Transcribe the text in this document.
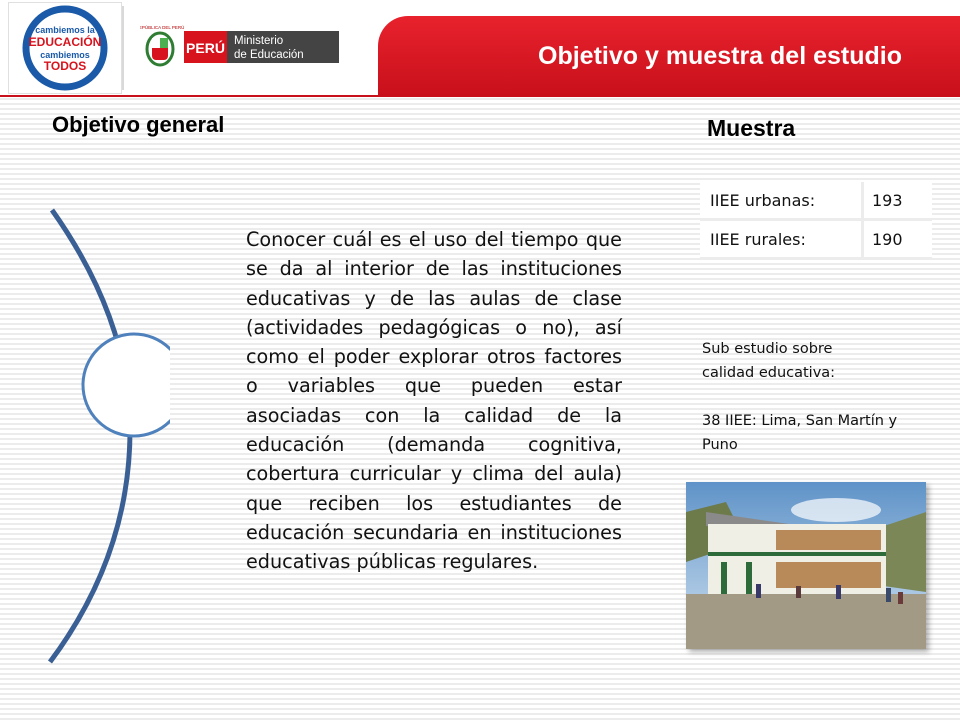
cambiemos la
EDUCACIÓN
cambiemos
TODOS
REPÚBLICA DEL PERÚ
PERÚ Ministerio
de Educación	Objetivo y muestra del estudio
Objetivo general	Muestra
Conocer cuál es el uso del tiempo que se da al interior de las instituciones educativas y de las aulas de clase (actividades pedagógicas o no), así como el poder explorar otros factores o variables que pueden estar asociadas con la calidad de la educación (demanda cognitiva, cobertura curricular y clima del aula) que reciben los estudiantes de educación secundaria en instituciones educativas públicas regulares.
IIEE urbanas:	193
IIEE rurales:	190
Sub estudio sobre
calidad educativa:
38 IIEE: Lima, San Martín y Puno
